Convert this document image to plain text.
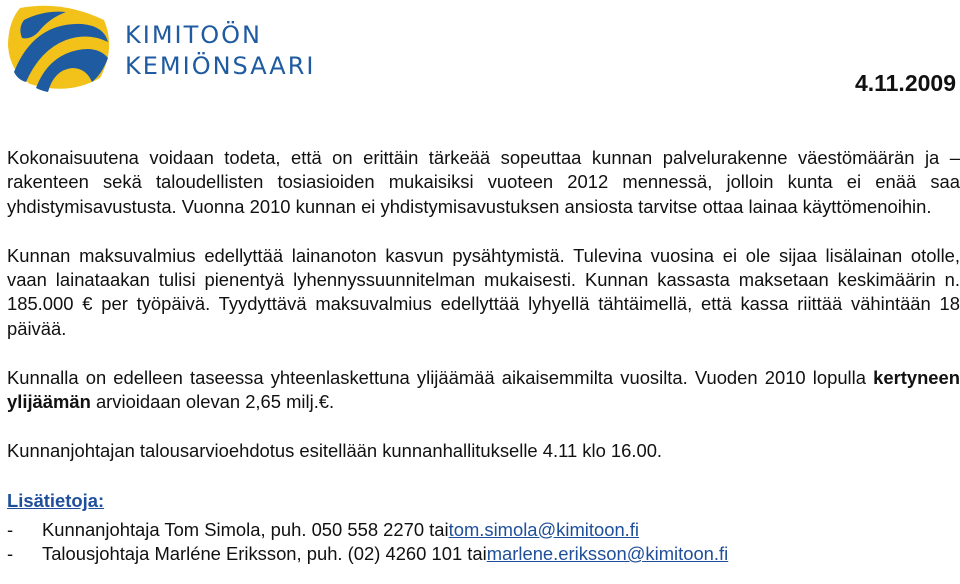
KIMITOÖN
KEMIÖNSAARI
4.11.2009

Kokonaisuutena voidaan todeta, että on erittäin tärkeää sopeuttaa kunnan palvelurakenne väestömäärän ja – rakenteen sekä taloudellisten tosiasioiden mukaisiksi vuoteen 2012 mennessä, jolloin kunta ei enää saa yhdistymisavustusta. Vuonna 2010 kunnan ei yhdistymisavustuksen ansiosta tarvitse ottaa lainaa käyttömenoihin.

Kunnan maksuvalmius edellyttää lainanoton kasvun pysähtymistä. Tulevina vuosina ei ole sijaa lisälainan otolle, vaan lainataakan tulisi pienentyä lyhennyssuunnitelman mukaisesti. Kunnan kassasta maksetaan keskimäärin n. 185.000 € per työpäivä. Tyydyttävä maksuvalmius edellyttää lyhyellä tähtäimellä, että kassa riittää vähintään 18 päivää.

Kunnalla on edelleen taseessa yhteenlaskettuna ylijäämää aikaisemmilta vuosilta. Vuoden 2010 lopulla kertyneen ylijäämän arvioidaan olevan 2,65 milj.€.

Kunnanjohtajan talousarvioehdotus esitellään kunnanhallitukselle 4.11 klo 16.00.

Lisätietoja:
-	Kunnanjohtaja Tom Simola, puh. 050 558 2270 tai tom.simola@kimitoon.fi
-	Talousjohtaja Marléne Eriksson, puh. (02) 4260 101 tai marlene.eriksson@kimitoon.fi
